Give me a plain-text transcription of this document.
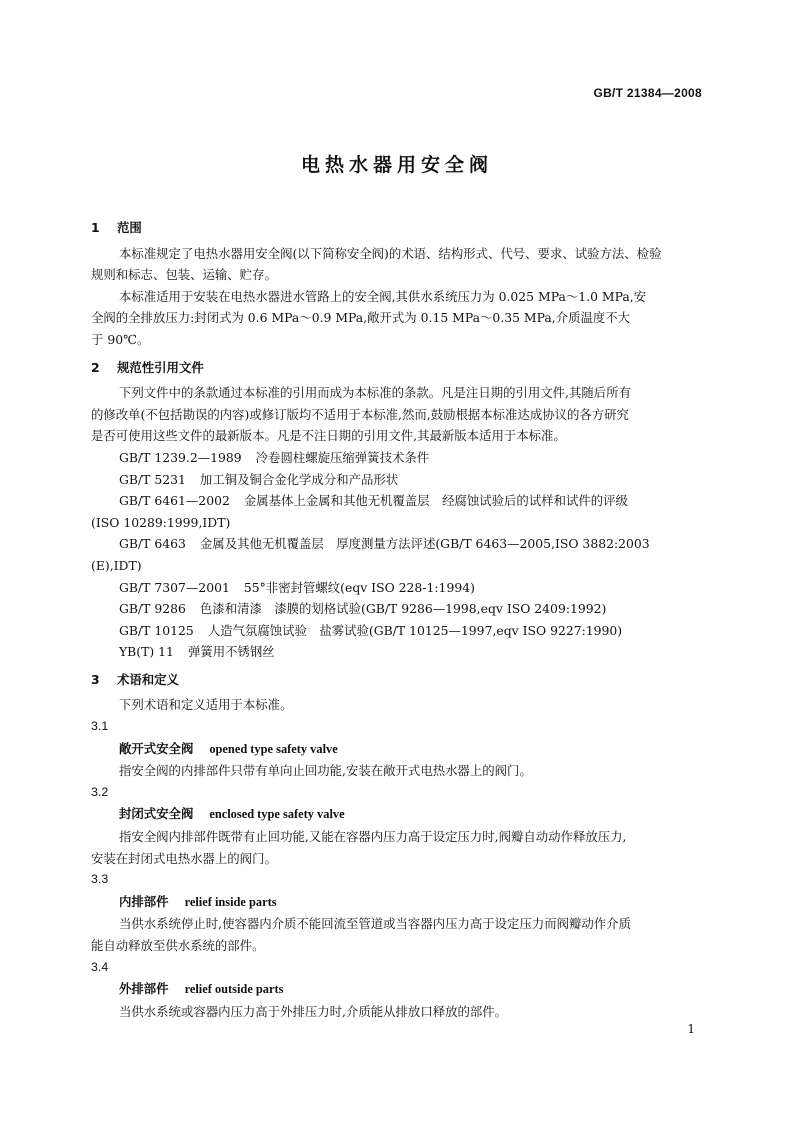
GB/T 21384—2008
电热水器用安全阀
1 范围
本标准规定了电热水器用安全阀(以下简称安全阀)的术语、结构形式、代号、要求、试验方法、检验
规则和标志、包装、运输、贮存。
本标准适用于安装在电热水器进水管路上的安全阀,其供水系统压力为 0.025 MPa～1.0 MPa,安
全阀的全排放压力:封闭式为 0.6 MPa～0.9 MPa,敞开式为 0.15 MPa～0.35 MPa,介质温度不大
于 90℃。
2 规范性引用文件
下列文件中的条款通过本标准的引用而成为本标准的条款。凡是注日期的引用文件,其随后所有
的修改单(不包括勘误的内容)或修订版均不适用于本标准,然而,鼓励根据本标准达成协议的各方研究
是否可使用这些文件的最新版本。凡是不注日期的引用文件,其最新版本适用于本标准。
GB/T 1239.2—1989 冷卷圆柱螺旋压缩弹簧技术条件
GB/T 5231 加工铜及铜合金化学成分和产品形状
GB/T 6461—2002 金属基体上金属和其他无机覆盖层　经腐蚀试验后的试样和试件的评级
(ISO 10289:1999,IDT)
GB/T 6463 金属及其他无机覆盖层　厚度测量方法评述(GB/T 6463—2005,ISO 3882:2003
(E),IDT)
GB/T 7307—2001 55°非密封管螺纹(eqv ISO 228-1:1994)
GB/T 9286 色漆和清漆　漆膜的划格试验(GB/T 9286—1998,eqv ISO 2409:1992)
GB/T 10125 人造气氛腐蚀试验　盐雾试验(GB/T 10125—1997,eqv ISO 9227:1990)
YB(T) 11 弹簧用不锈钢丝
3 术语和定义
下列术语和定义适用于本标准。
3.1
敞开式安全阀 opened type safety valve
指安全阀的内排部件只带有单向止回功能,安装在敞开式电热水器上的阀门。
3.2
封闭式安全阀 enclosed type safety valve
指安全阀内排部件既带有止回功能,又能在容器内压力高于设定压力时,阀瓣自动动作释放压力,
安装在封闭式电热水器上的阀门。
3.3
内排部件 relief inside parts
当供水系统停止时,使容器内介质不能回流至管道或当容器内压力高于设定压力而阀瓣动作介质
能自动释放至供水系统的部件。
3.4
外排部件 relief outside parts
当供水系统或容器内压力高于外排压力时,介质能从排放口释放的部件。
1
